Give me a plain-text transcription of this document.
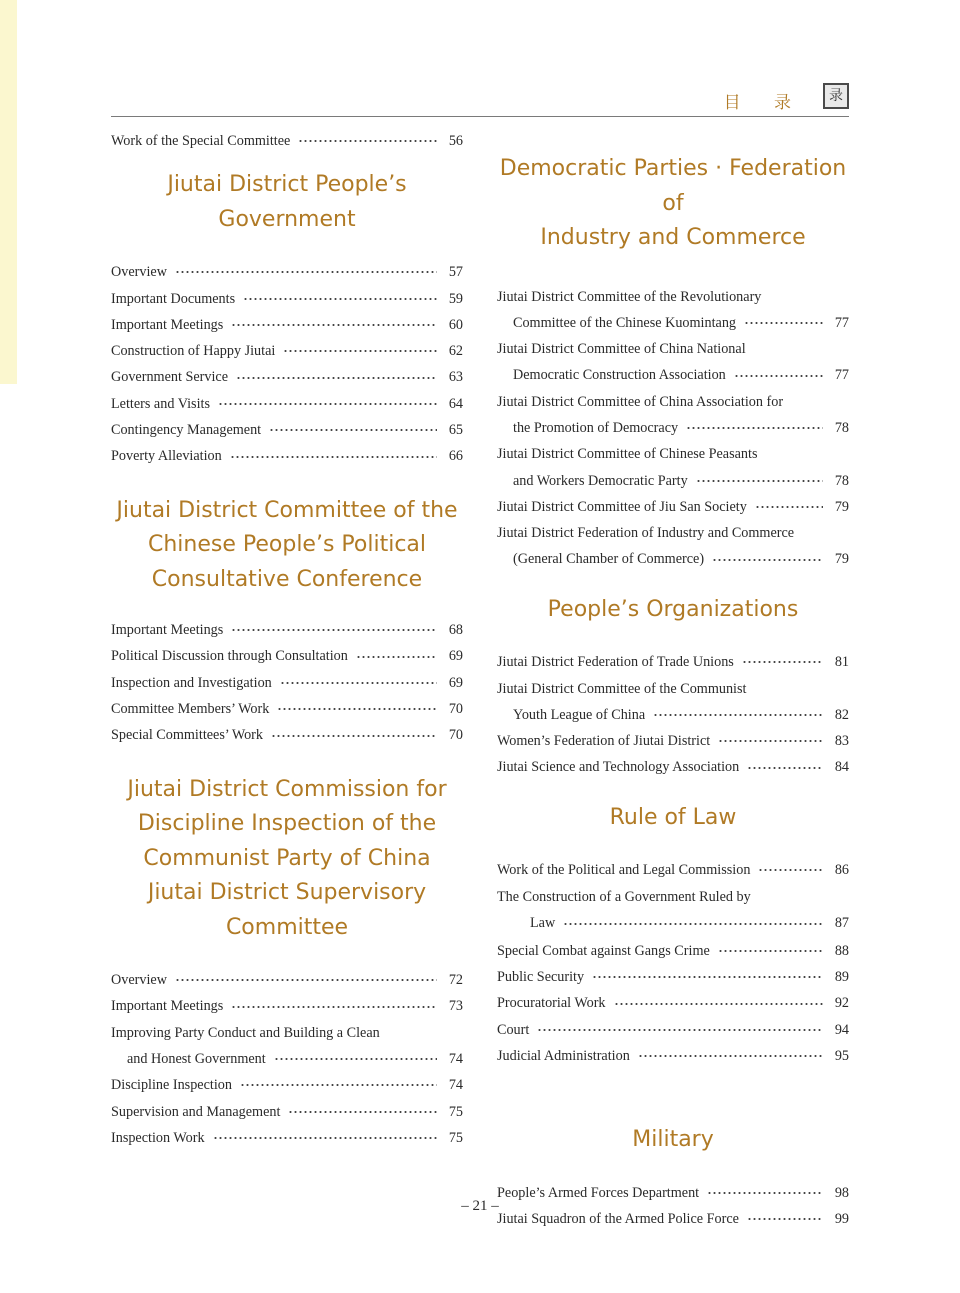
目 录	录
Work of the Special Committee	56
Jiutai District People’s
Government
Overview	57
Important Documents	59
Important Meetings	60
Construction of Happy Jiutai	62
Government Service	63
Letters and Visits	64
Contingency Management	65
Poverty Alleviation	66
Jiutai District Committee of the
Chinese People’s Political
Consultative Conference
Important Meetings	68
Political Discussion through Consultation	69
Inspection and Investigation	69
Committee Members’ Work	70
Special Committees’ Work	70
Jiutai District Commission for
Discipline Inspection of the
Communist Party of China
Jiutai District Supervisory
Committee
Overview	72
Important Meetings	73
Improving Party Conduct and Building a Clean
and Honest Government	74
Discipline Inspection	74
Supervision and Management	75
Inspection Work	75
Democratic Parties · Federation of
Industry and Commerce
Jiutai District Committee of the Revolutionary
Committee of the Chinese Kuomintang	77
Jiutai District Committee of China National
Democratic Construction Association	77
Jiutai District Committee of China Association for
the Promotion of Democracy	78
Jiutai District Committee of Chinese Peasants
and Workers Democratic Party	78
Jiutai District Committee of Jiu San Society	79
Jiutai District Federation of Industry and Commerce
(General Chamber of Commerce)	79
People’s Organizations
Jiutai District Federation of Trade Unions	81
Jiutai District Committee of the Communist
Youth League of China	82
Women’s Federation of Jiutai District	83
Jiutai Science and Technology Association	84
Rule of Law
Work of the Political and Legal Commission	86
The Construction of a Government Ruled by
Law	87
Special Combat against Gangs Crime	88
Public Security	89
Procuratorial Work	92
Court	94
Judicial Administration	95
Military
People’s Armed Forces Department	98
Jiutai Squadron of the Armed Police Force	99
– 21 –
